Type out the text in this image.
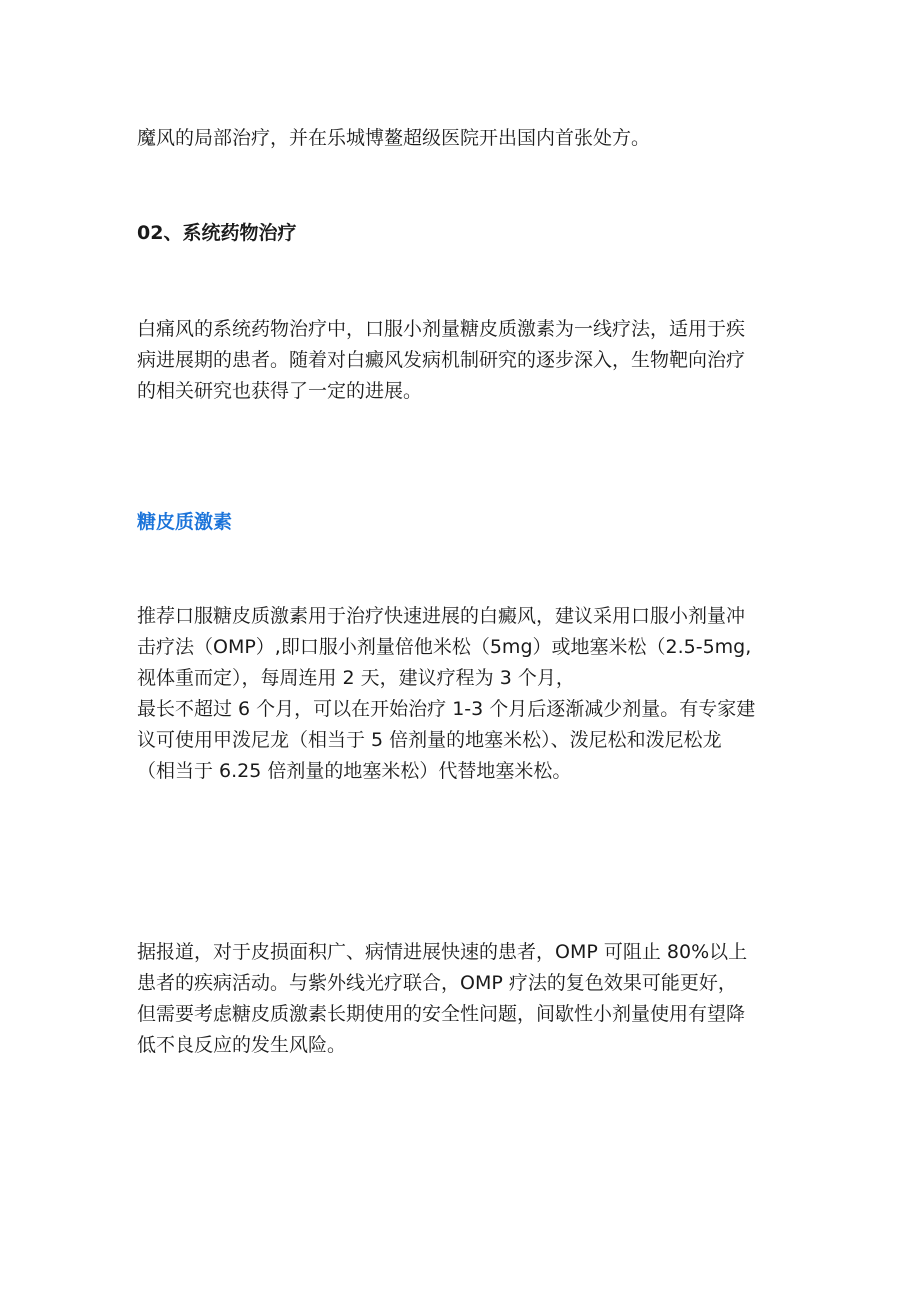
魔风的局部治疗，并在乐城博鳌超级医院开出国内首张处方。

02、系统药物治疗

白痛风的系统药物治疗中，口服小剂量糖皮质激素为一线疗法，适用于疾
病进展期的患者。随着对白癜风发病机制研究的逐步深入，生物靶向治疗
的相关研究也获得了一定的进展。

糖皮质激素

推荐口服糖皮质激素用于治疗快速进展的白癜风，建议采用口服小剂量冲
击疗法（OMP）,即口服小剂量倍他米松（5mg）或地塞米松（2.5-5mg,
视体重而定），每周连用 2 天，建议疗程为 3 个月，
最长不超过 6 个月，可以在开始治疗 1-3 个月后逐渐减少剂量。有专家建
议可使用甲泼尼龙（相当于 5 倍剂量的地塞米松）、泼尼松和泼尼松龙
（相当于 6.25 倍剂量的地塞米松）代替地塞米松。

据报道，对于皮损面积广、病情进展快速的患者，OMP 可阻止 80%以上
患者的疾病活动。与紫外线光疗联合，OMP 疗法的复色效果可能更好，
但需要考虑糖皮质激素长期使用的安全性问题，间歇性小剂量使用有望降
低不良反应的发生风险。
